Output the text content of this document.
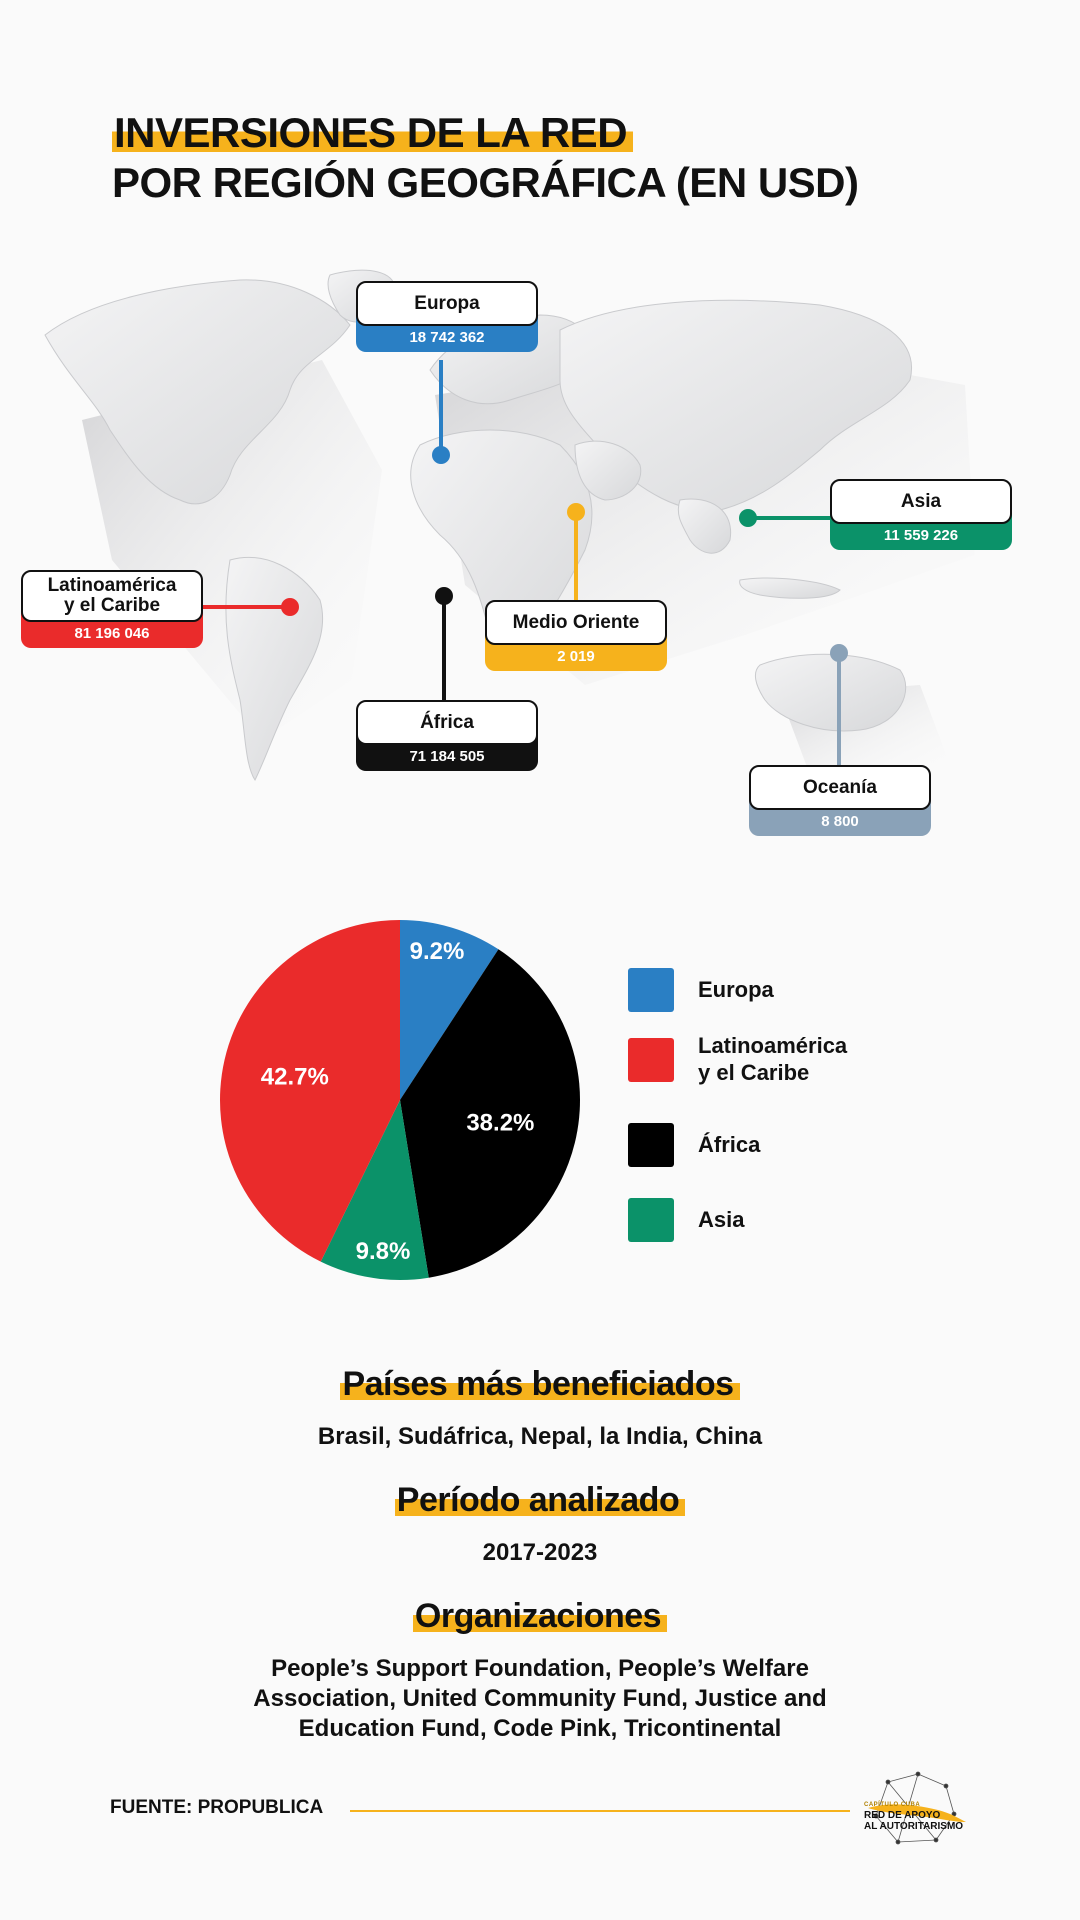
INVERSIONES DE LA RED
POR REGIÓN GEOGRÁFICA (EN USD)
Europa
18 742 362
Asia
11 559 226
Latinoamérica
y el Caribe
81 196 046
Medio Oriente
2 019
África
71 184 505
Oceanía
8 800
9.2%
38.2%
9.8%
42.7%
Europa
Latinoamérica
y el Caribe
África
Asia
Países más beneficiados
Brasil, Sudáfrica, Nepal, la India, China
Período analizado
2017-2023
Organizaciones
People’s Support Foundation, People’s Welfare Association, United Community Fund, Justice and Education Fund, Code Pink, Tricontinental
FUENTE: PROPUBLICA	CAPÍTULO CUBA
RED DE APOYO
AL AUTORITARISMO
